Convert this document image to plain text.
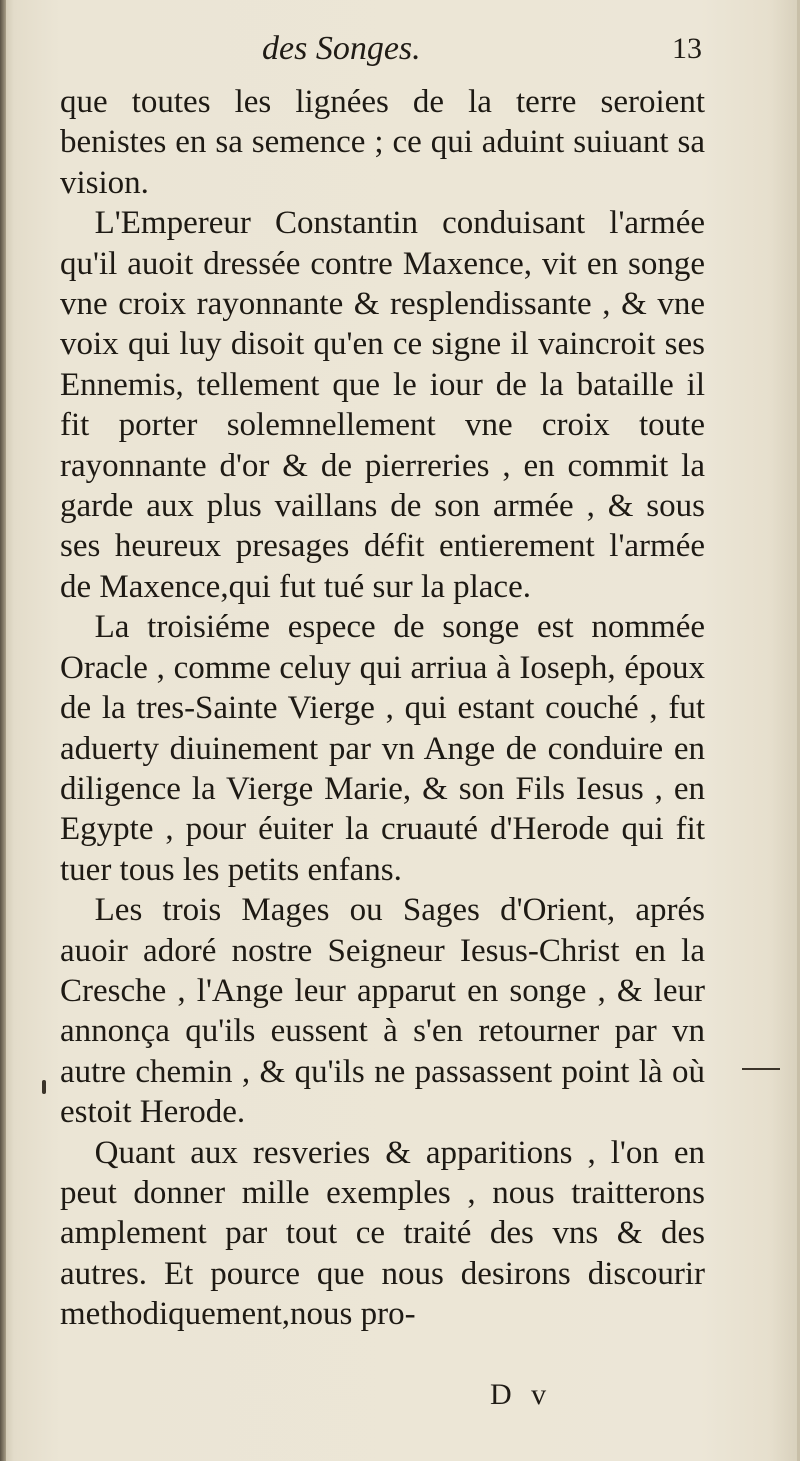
des Songes.	13

que toutes les lignées de la terre seroient benistes en sa semence ; ce qui aduint suiuant sa vision.

L'Empereur Constantin conduisant l'armée qu'il auoit dressée contre Maxence, vit en songe vne croix rayonnante & resplendissante , & vne voix qui luy disoit qu'en ce signe il vaincroit ses Ennemis, tellement que le iour de la bataille il fit porter solemnellement vne croix toute rayonnante d'or & de pierreries , en commit la garde aux plus vaillans de son armée , & sous ses heureux presages défit entierement l'armée de Maxence,qui fut tué sur la place.

La troisiéme espece de songe est nommée Oracle , comme celuy qui arriua à Ioseph, époux de la tres-Sainte Vierge , qui estant couché , fut aduerty diuinement par vn Ange de conduire en diligence la Vierge Marie, & son Fils Iesus , en Egypte , pour éuiter la cruauté d'Herode qui fit tuer tous les petits enfans.

Les trois Mages ou Sages d'Orient, aprés auoir adoré nostre Seigneur Iesus-Christ en la Cresche , l'Ange leur apparut en songe , & leur annonça qu'ils eussent à s'en retourner par vn autre chemin , & qu'ils ne passassent point là où estoit Herode.

Quant aux resveries & apparitions , l'on en peut donner mille exemples , nous traitterons amplement par tout ce traité des vns & des autres. Et pource que nous desirons discourir methodiquement,nous pro-

D v
